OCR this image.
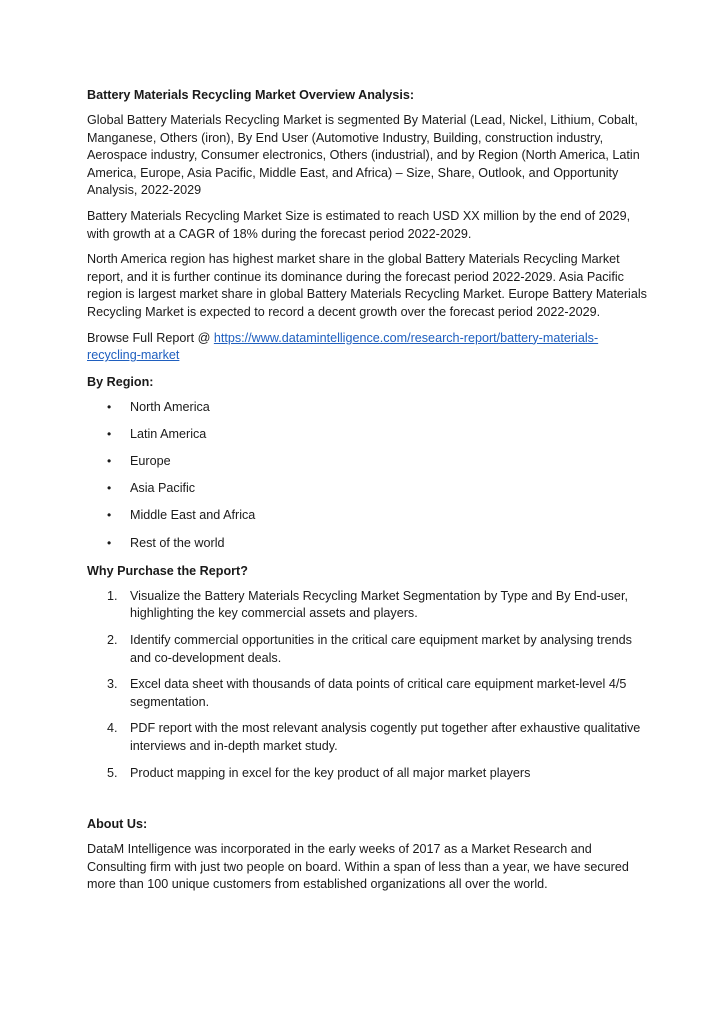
Battery Materials Recycling Market Overview Analysis:

Global Battery Materials Recycling Market is segmented By Material (Lead, Nickel, Lithium, Cobalt, Manganese, Others (iron), By End User (Automotive Industry, Building, construction industry, Aerospace industry, Consumer electronics, Others (industrial), and by Region (North America, Latin America, Europe, Asia Pacific, Middle East, and Africa) – Size, Share, Outlook, and Opportunity Analysis, 2022-2029

Battery Materials Recycling Market Size is estimated to reach USD XX million by the end of 2029, with growth at a CAGR of 18% during the forecast period 2022-2029.

North America region has highest market share in the global Battery Materials Recycling Market report, and it is further continue its dominance during the forecast period 2022-2029. Asia Pacific region is largest market share in global Battery Materials Recycling Market. Europe Battery Materials Recycling Market is expected to record a decent growth over the forecast period 2022-2029.

Browse Full Report @ https://www.datamintelligence.com/research-report/battery-materials-recycling-market

By Region:
• North America
• Latin America
• Europe
• Asia Pacific
• Middle East and Africa
• Rest of the world
Why Purchase the Report?
1. Visualize the Battery Materials Recycling Market Segmentation by Type and By End-user, highlighting the key commercial assets and players.
2. Identify commercial opportunities in the critical care equipment market by analysing trends and co-development deals.
3. Excel data sheet with thousands of data points of critical care equipment market-level 4/5 segmentation.
4. PDF report with the most relevant analysis cogently put together after exhaustive qualitative interviews and in-depth market study.
5. Product mapping in excel for the key product of all major market players
About Us:

DataM Intelligence was incorporated in the early weeks of 2017 as a Market Research and Consulting firm with just two people on board. Within a span of less than a year, we have secured more than 100 unique customers from established organizations all over the world.
